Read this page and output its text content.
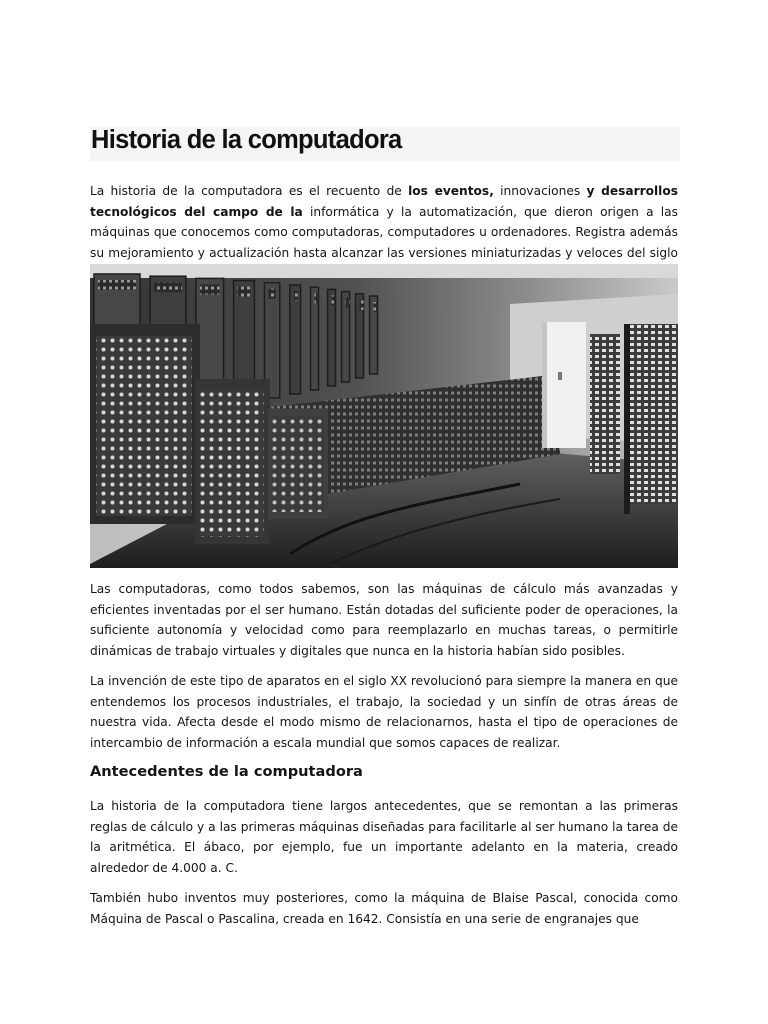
Historia de la computadora

La historia de la computadora es el recuento de los eventos, innovaciones y desarrollos tecnológicos del campo de la informática y la automatización, que dieron origen a las máquinas que conocemos como computadoras, computadores u ordenadores. Registra además su mejoramiento y actualización hasta alcanzar las versiones miniaturizadas y veloces del siglo

Las computadoras, como todos sabemos, son las máquinas de cálculo más avanzadas y eficientes inventadas por el ser humano. Están dotadas del suficiente poder de operaciones, la suficiente autonomía y velocidad como para reemplazarlo en muchas tareas, o permitirle dinámicas de trabajo virtuales y digitales que nunca en la historia habían sido posibles.

La invención de este tipo de aparatos en el siglo XX revolucionó para siempre la manera en que entendemos los procesos industriales, el trabajo, la sociedad y un sinfín de otras áreas de nuestra vida. Afecta desde el modo mismo de relacionarnos, hasta el tipo de operaciones de intercambio de información a escala mundial que somos capaces de realizar.

Antecedentes de la computadora

La historia de la computadora tiene largos antecedentes, que se remontan a las primeras reglas de cálculo y a las primeras máquinas diseñadas para facilitarle al ser humano la tarea de la aritmética. El ábaco, por ejemplo, fue un importante adelanto en la materia, creado alrededor de 4.000 a. C.

También hubo inventos muy posteriores, como la máquina de Blaise Pascal, conocida como Máquina de Pascal o Pascalina, creada en 1642. Consistía en una serie de engranajes que
